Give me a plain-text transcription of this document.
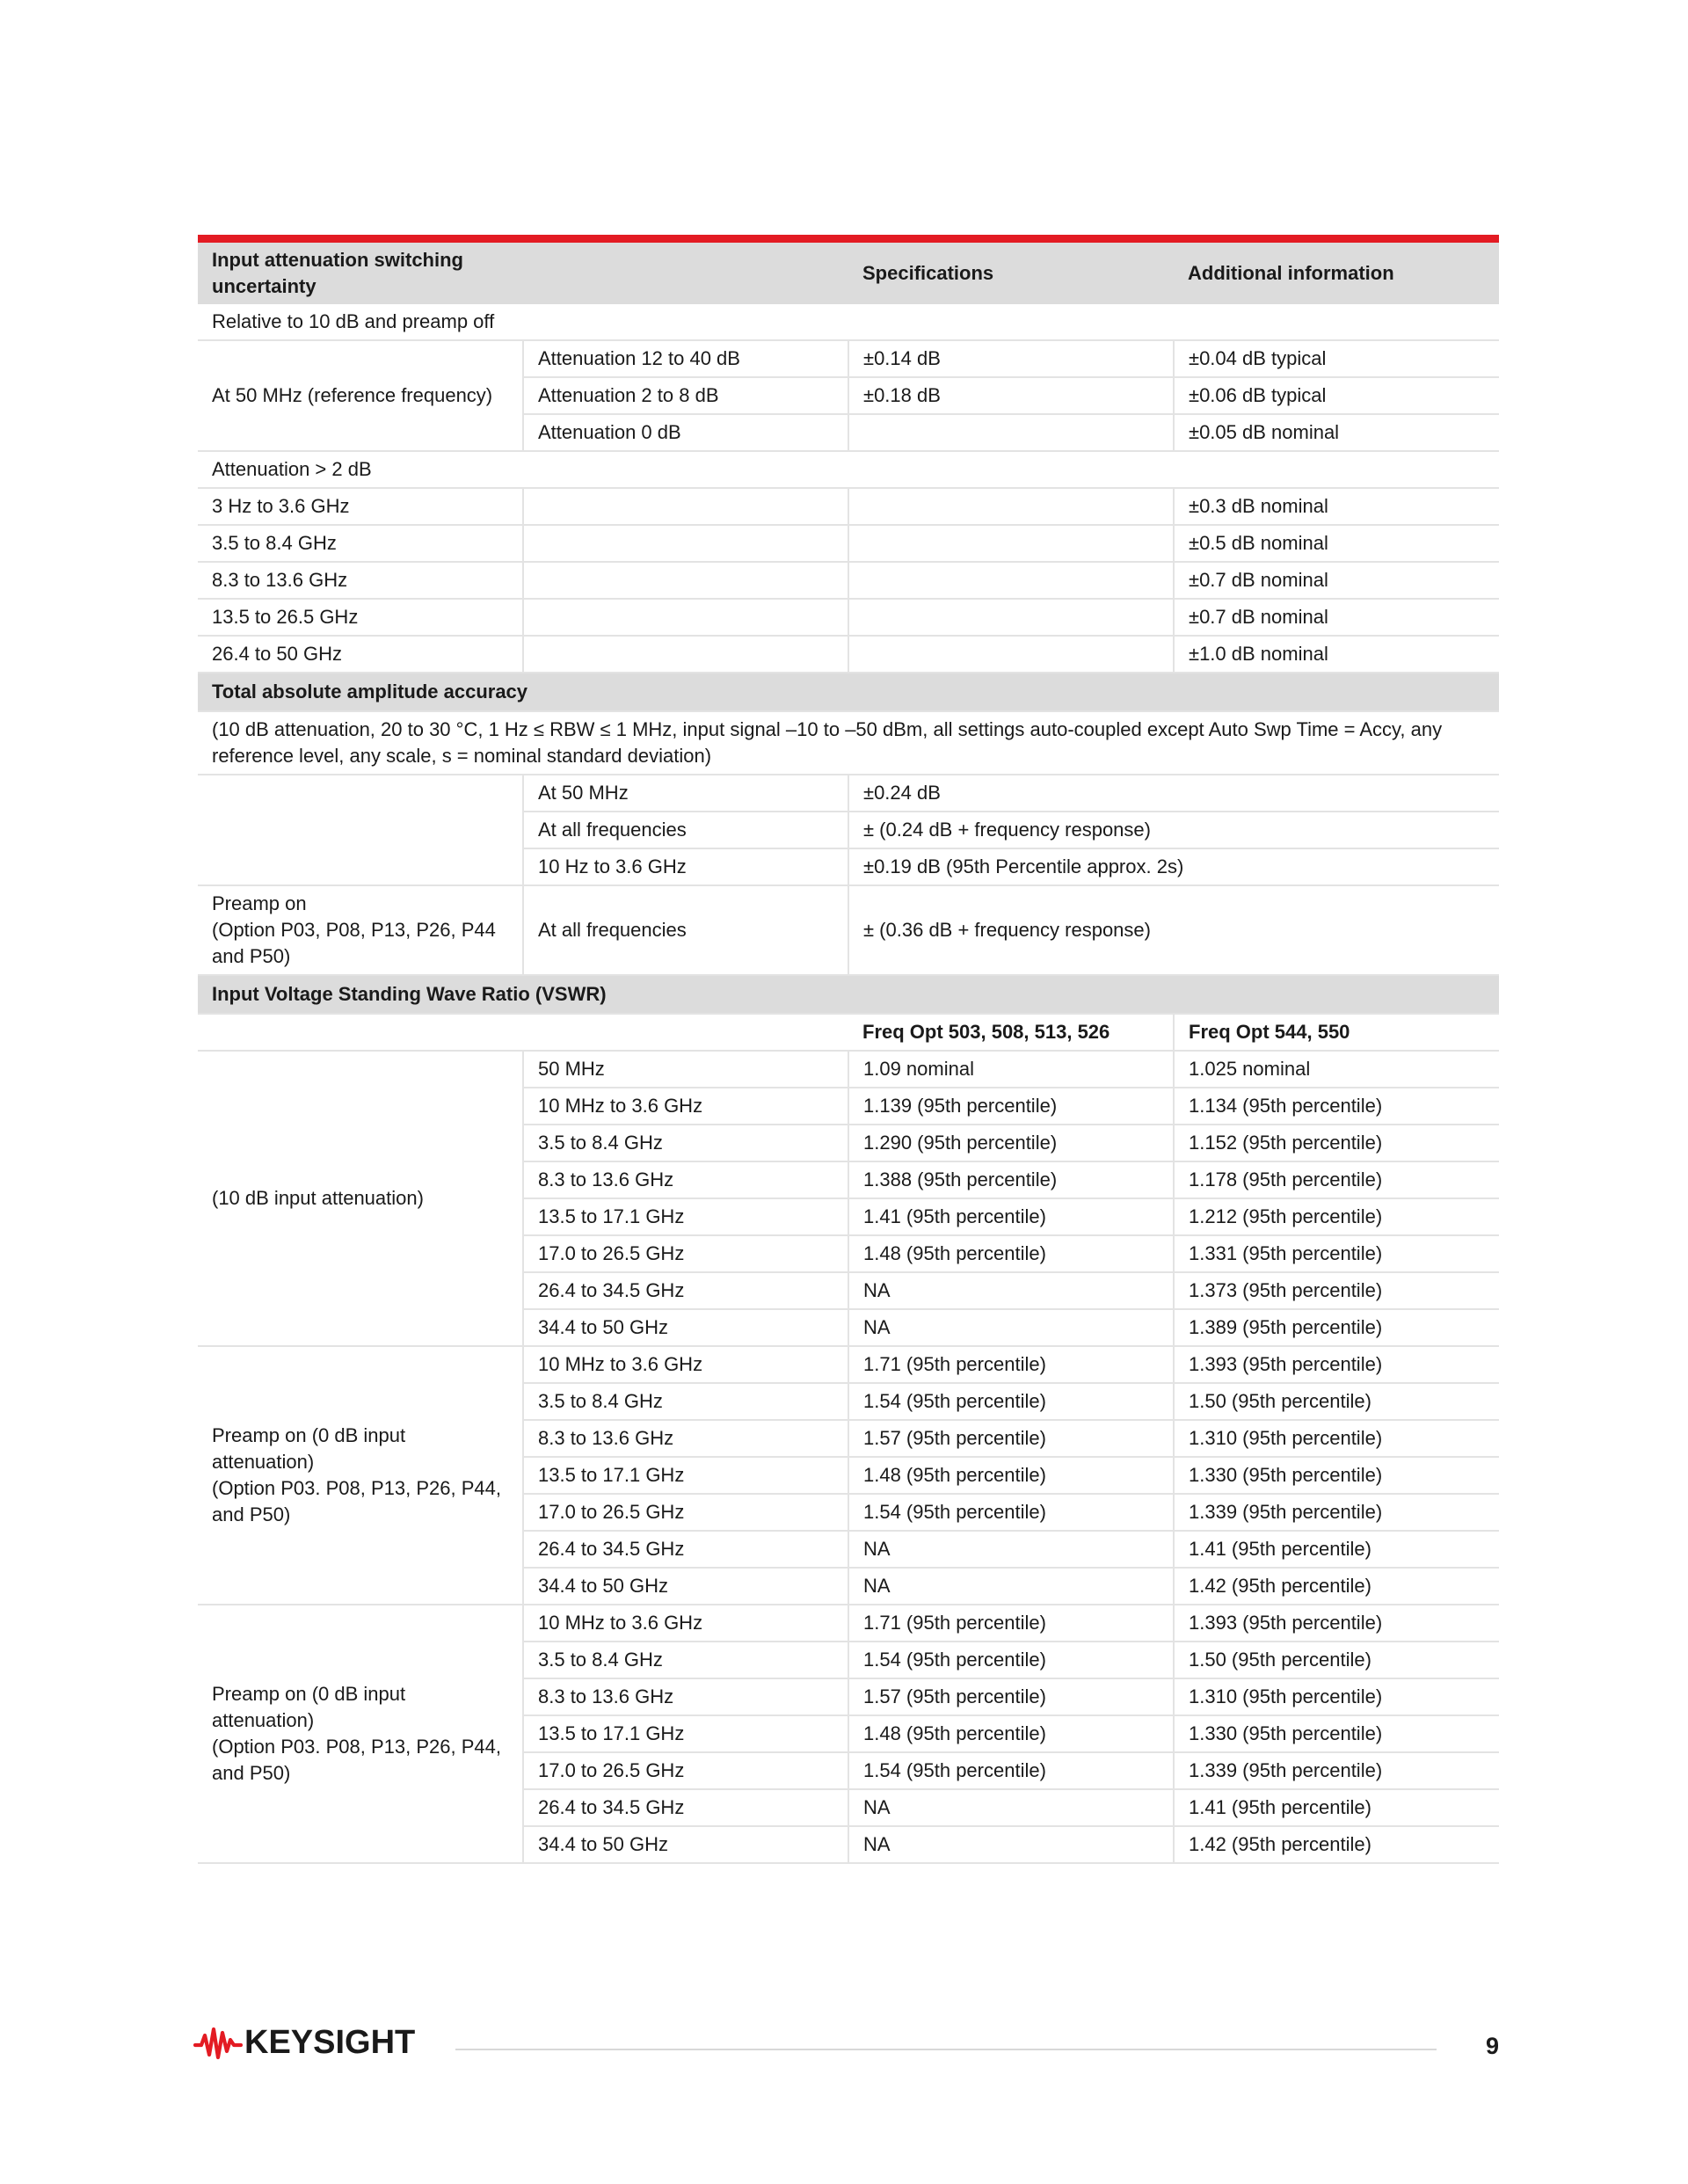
Input attenuation switching uncertainty		Specifications	Additional information
Relative to 10 dB and preamp off			
At 50 MHz (reference frequency)	Attenuation 12 to 40 dB	±0.14 dB	±0.04 dB typical
	Attenuation 2 to 8 dB	±0.18 dB	±0.06 dB typical
	Attenuation 0 dB		±0.05 dB nominal
Attenuation > 2 dB			
3 Hz to 3.6 GHz			±0.3 dB nominal
3.5 to 8.4 GHz			±0.5 dB nominal
8.3 to 13.6 GHz			±0.7 dB nominal
13.5 to 26.5 GHz			±0.7 dB nominal
26.4 to 50 GHz			±1.0 dB nominal
Total absolute amplitude accuracy			
(10 dB attenuation, 20 to 30 °C, 1 Hz ≤ RBW ≤ 1 MHz, input signal –10 to –50 dBm, all settings auto-coupled except Auto Swp Time = Accy, any reference level, any scale, s = nominal standard deviation)			
	At 50 MHz	±0.24 dB	
	At all frequencies	± (0.24 dB + frequency response)	
	10 Hz to 3.6 GHz	±0.19 dB (95th Percentile approx. 2s)	
Preamp on
(Option P03, P08, P13, P26, P44 and P50)	At all frequencies	± (0.36 dB + frequency response)	
Input Voltage Standing Wave Ratio (VSWR)			
		Freq Opt 503, 508, 513, 526	Freq Opt 544, 550
(10 dB input attenuation)	50 MHz	1.09 nominal	1.025 nominal
	10 MHz to 3.6 GHz	1.139 (95th percentile)	1.134 (95th percentile)
	3.5 to 8.4 GHz	1.290 (95th percentile)	1.152 (95th percentile)
	8.3 to 13.6 GHz	1.388 (95th percentile)	1.178 (95th percentile)
	13.5 to 17.1 GHz	1.41 (95th percentile)	1.212 (95th percentile)
	17.0 to 26.5 GHz	1.48 (95th percentile)	1.331 (95th percentile)
	26.4 to 34.5 GHz	NA	1.373 (95th percentile)
	34.4 to 50 GHz	NA	1.389 (95th percentile)
Preamp on (0 dB input attenuation)
(Option P03. P08, P13, P26, P44, and P50)	10 MHz to 3.6 GHz	1.71 (95th percentile)	1.393 (95th percentile)
	3.5 to 8.4 GHz	1.54 (95th percentile)	1.50 (95th percentile)
	8.3 to 13.6 GHz	1.57 (95th percentile)	1.310 (95th percentile)
	13.5 to 17.1 GHz	1.48 (95th percentile)	1.330 (95th percentile)
	17.0 to 26.5 GHz	1.54 (95th percentile)	1.339 (95th percentile)
	26.4 to 34.5 GHz	NA	1.41 (95th percentile)
	34.4 to 50 GHz	NA	1.42 (95th percentile)
Preamp on (0 dB input attenuation)
(Option P03. P08, P13, P26, P44, and P50)	10 MHz to 3.6 GHz	1.71 (95th percentile)	1.393 (95th percentile)
	3.5 to 8.4 GHz	1.54 (95th percentile)	1.50 (95th percentile)
	8.3 to 13.6 GHz	1.57 (95th percentile)	1.310 (95th percentile)
	13.5 to 17.1 GHz	1.48 (95th percentile)	1.330 (95th percentile)
	17.0 to 26.5 GHz	1.54 (95th percentile)	1.339 (95th percentile)
	26.4 to 34.5 GHz	NA	1.41 (95th percentile)
	34.4 to 50 GHz	NA	1.42 (95th percentile)
KEYSIGHT	9
